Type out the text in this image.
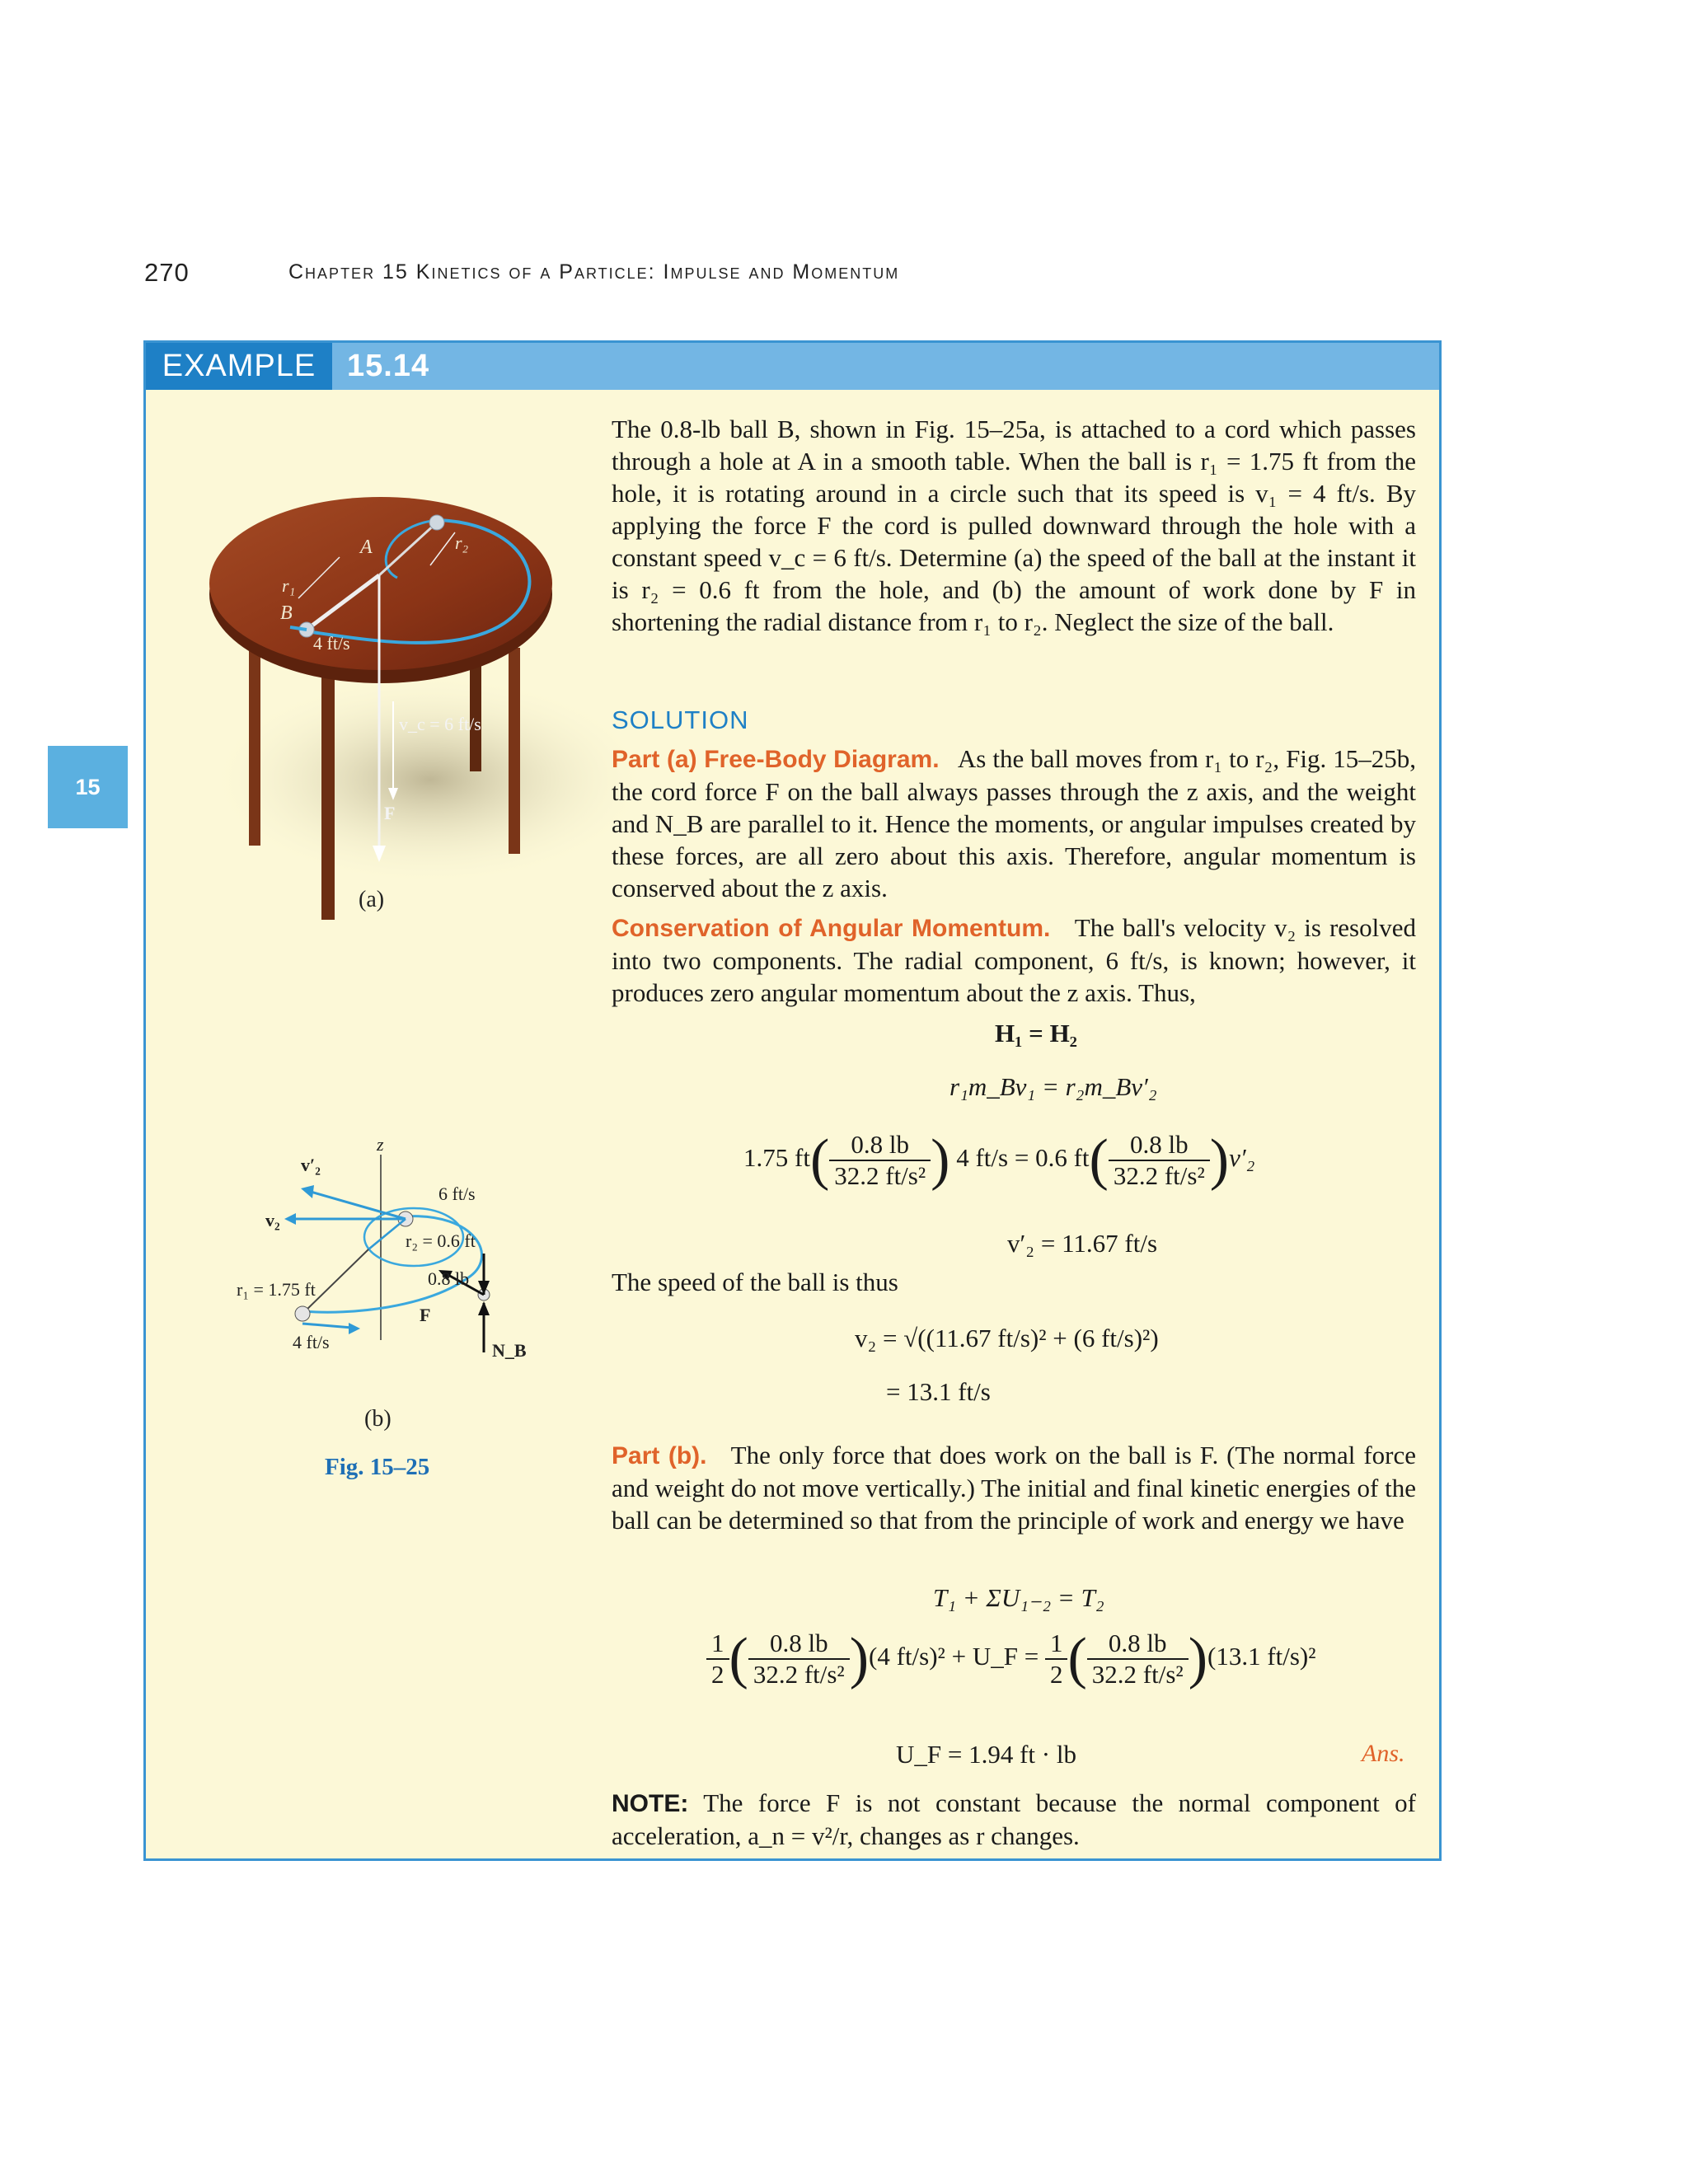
270	Chapter 15 Kinetics of a Particle: Impulse and Momentum
15
EXAMPLE 15.14
A
B
r₁
r₂
4 ft/s
v_c = 6 ft/s
F
(a)
z
v′₂
v₂
6 ft/s
r₂ = 0.6 ft
0.8 lb
r₁ = 1.75 ft
F
4 ft/s	N_B
(b)
Fig. 15–25
The 0.8-lb ball B, shown in Fig. 15–25a, is attached to a cord which passes through a hole at A in a smooth table. When the ball is r₁ = 1.75 ft from the hole, it is rotating around in a circle such that its speed is v₁ = 4 ft/s. By applying the force F the cord is pulled downward through the hole with a constant speed v_c = 6 ft/s. Determine (a) the speed of the ball at the instant it is r₂ = 0.6 ft from the hole, and (b) the amount of work done by F in shortening the radial distance from r₁ to r₂. Neglect the size of the ball.
SOLUTION
Part (a) Free-Body Diagram. As the ball moves from r₁ to r₂, Fig. 15–25b, the cord force F on the ball always passes through the z axis, and the weight and N_B are parallel to it. Hence the moments, or angular impulses created by these forces, are all zero about this axis. Therefore, angular momentum is conserved about the z axis.
Conservation of Angular Momentum. The ball's velocity v₂ is resolved into two components. The radial component, 6 ft/s, is known; however, it produces zero angular momentum about the z axis. Thus,
H₁ = H₂
r₁m_Bv₁ = r₂m_Bv′₂
1.75 $ft( \frac{0.8 lb}{\text{32.2 ft/s²}}$ ) 4 ft/s = 0.6 $ft( \frac{0.8 lb}{\text{32.2 ft/s²}} )v'_2$
v′₂ = 11.67 ft/s
The speed of the ball is thus
v₂ = √((11.67 ft/s)² + (6 ft/s)²)
= 13.1 ft/s
Part (b). The only force that does work on the ball is F. (The normal force and weight do not move vertically.) The initial and final kinetic energies of the ball can be determined so that from the principle of work and energy we have
T₁ + ΣU₁₋₂ = T₂
$\frac{1}{2}$ ( $\frac{0.8 lb}{\text{32.2 ft/s²}} )(4$ ft/s)² + U_F = $\frac{1}{2}$ ( $\frac{0.8 lb}{\text{32.2 ft/s²}} )(13.1$ ft/s)²
U_F = 1.94 ft · lb	Ans.
NOTE: The force F is not constant because the normal component of acceleration, a_n = v²/r, changes as r changes.
